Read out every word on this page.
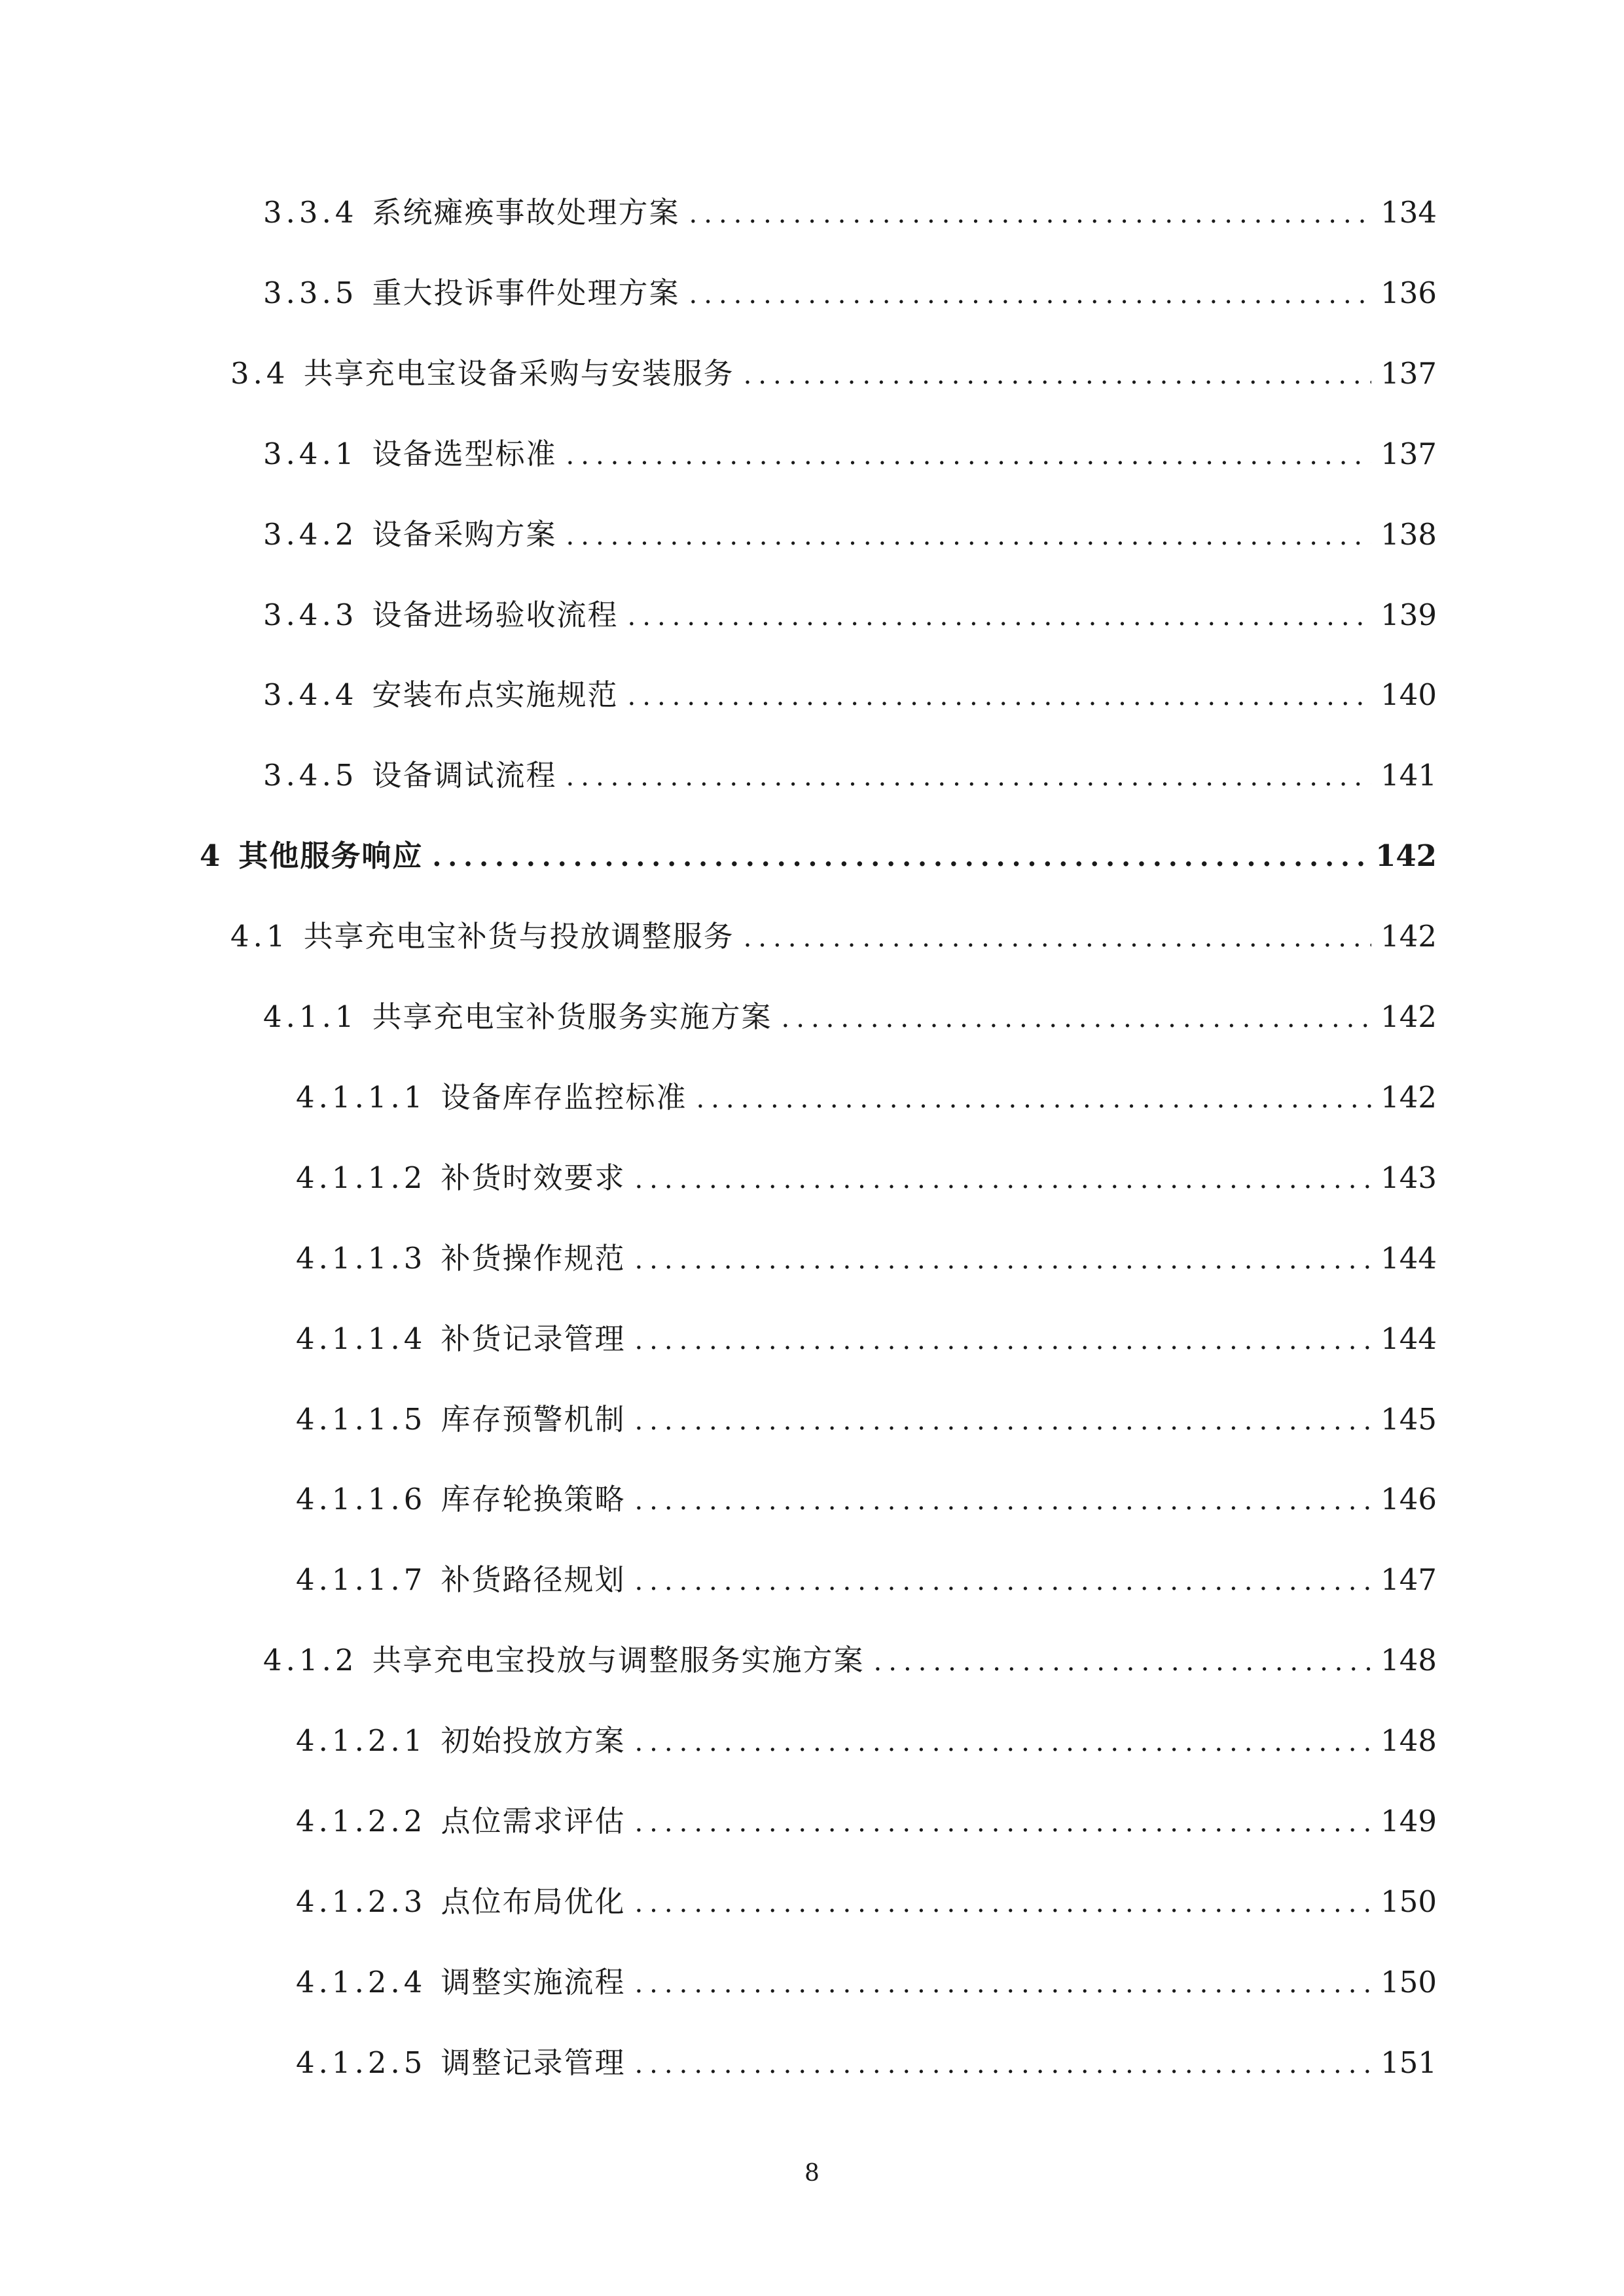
3.3.4 系统瘫痪事故处理方案 .....	134
3.3.5 重大投诉事件处理方案 .....	136
3.4 共享充电宝设备采购与安装服务 .....	137
3.4.1 设备选型标准 .....	137
3.4.2 设备采购方案 .....	138
3.4.3 设备进场验收流程 .....	139
3.4.4 安装布点实施规范 .....	140
3.4.5 设备调试流程 .....	141
4 其他服务响应 .....	142
4.1 共享充电宝补货与投放调整服务 .....	142
4.1.1 共享充电宝补货服务实施方案 .....	142
4.1.1.1 设备库存监控标准 .....	142
4.1.1.2 补货时效要求 .....	143
4.1.1.3 补货操作规范 .....	144
4.1.1.4 补货记录管理 .....	144
4.1.1.5 库存预警机制 .....	145
4.1.1.6 库存轮换策略 .....	146
4.1.1.7 补货路径规划 .....	147
4.1.2 共享充电宝投放与调整服务实施方案 .....	148
4.1.2.1 初始投放方案 .....	148
4.1.2.2 点位需求评估 .....	149
4.1.2.3 点位布局优化 .....	150
4.1.2.4 调整实施流程 .....	150
4.1.2.5 调整记录管理 .....	151
8
